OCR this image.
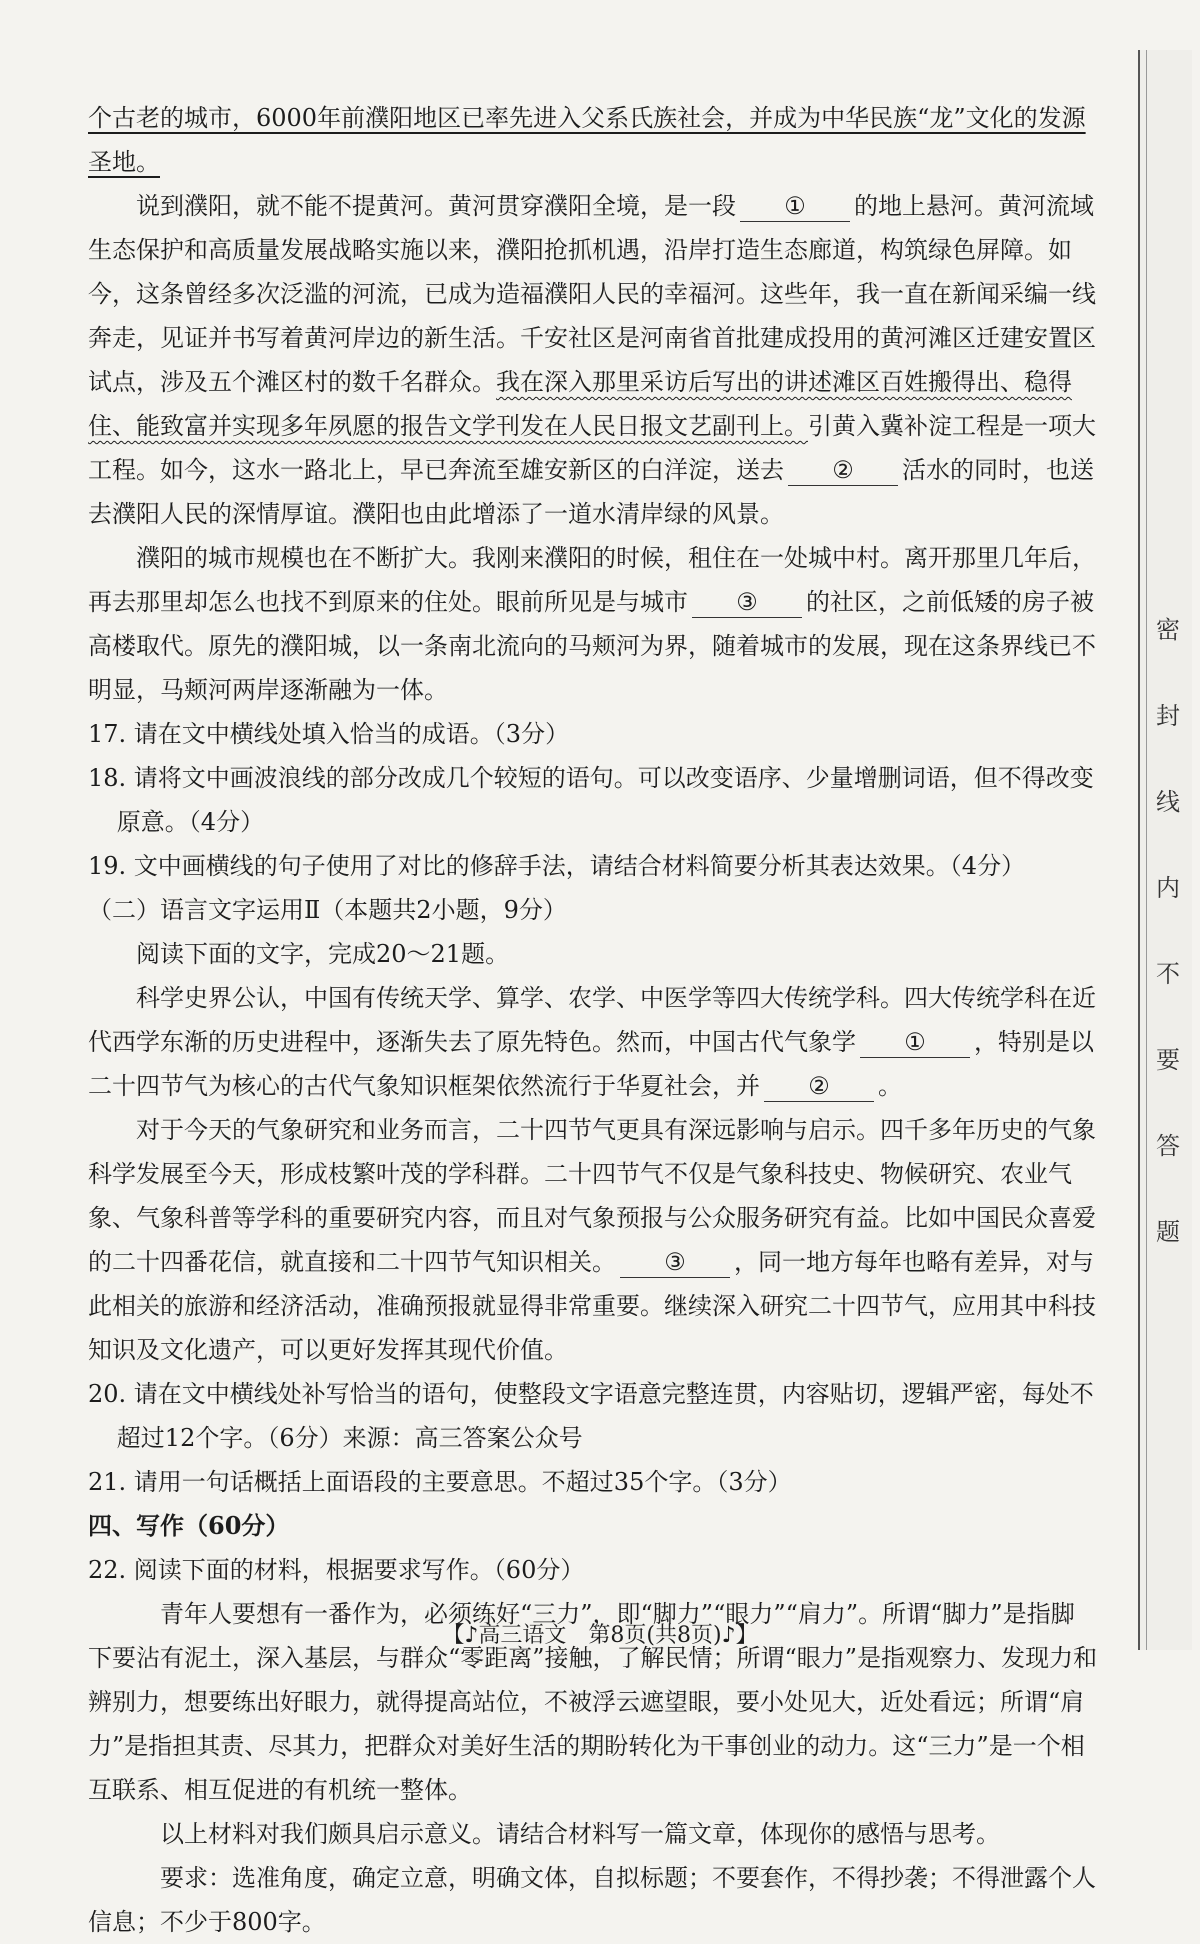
个古老的城市，6000年前濮阳地区已率先进入父系氏族社会，并成为中华民族“龙”文化的发源圣地。

说到濮阳，就不能不提黄河。黄河贯穿濮阳全境，是一段 ① 的地上悬河。黄河流域生态保护和高质量发展战略实施以来，濮阳抢抓机遇，沿岸打造生态廊道，构筑绿色屏障。如今，这条曾经多次泛滥的河流，已成为造福濮阳人民的幸福河。这些年，我一直在新闻采编一线奔走，见证并书写着黄河岸边的新生活。千安社区是河南省首批建成投用的黄河滩区迁建安置区试点，涉及五个滩区村的数千名群众。我在深入那里采访后写出的讲述滩区百姓搬得出、稳得住、能致富并实现多年夙愿的报告文学刊发在人民日报文艺副刊上。引黄入冀补淀工程是一项大工程。如今，这水一路北上，早已奔流至雄安新区的白洋淀，送去 ② 活水的同时，也送去濮阳人民的深情厚谊。濮阳也由此增添了一道水清岸绿的风景。

濮阳的城市规模也在不断扩大。我刚来濮阳的时候，租住在一处城中村。离开那里几年后，再去那里却怎么也找不到原来的住处。眼前所见是与城市 ③ 的社区，之前低矮的房子被高楼取代。原先的濮阳城，以一条南北流向的马颊河为界，随着城市的发展，现在这条界线已不明显，马颊河两岸逐渐融为一体。

17. 请在文中横线处填入恰当的成语。（3分）

18. 请将文中画波浪线的部分改成几个较短的语句。可以改变语序、少量增删词语，但不得改变原意。（4分）

19. 文中画横线的句子使用了对比的修辞手法，请结合材料简要分析其表达效果。（4分）

（二）语言文字运用Ⅱ（本题共2小题，9分）

阅读下面的文字，完成20～21题。

科学史界公认，中国有传统天学、算学、农学、中医学等四大传统学科。四大传统学科在近代西学东渐的历史进程中，逐渐失去了原先特色。然而，中国古代气象学 ① ，特别是以二十四节气为核心的古代气象知识框架依然流行于华夏社会，并 ② 。

对于今天的气象研究和业务而言，二十四节气更具有深远影响与启示。四千多年历史的气象科学发展至今天，形成枝繁叶茂的学科群。二十四节气不仅是气象科技史、物候研究、农业气象、气象科普等学科的重要研究内容，而且对气象预报与公众服务研究有益。比如中国民众喜爱的二十四番花信，就直接和二十四节气知识相关。 ③ ，同一地方每年也略有差异，对与此相关的旅游和经济活动，准确预报就显得非常重要。继续深入研究二十四节气，应用其中科技知识及文化遗产，可以更好发挥其现代价值。

20. 请在文中横线处补写恰当的语句，使整段文字语意完整连贯，内容贴切，逻辑严密，每处不超过12个字。（6分）来源：高三答案公众号

21. 请用一句话概括上面语段的主要意思。不超过35个字。（3分）

四、写作（60分）

22. 阅读下面的材料，根据要求写作。（60分）

青年人要想有一番作为，必须练好“三力”，即“脚力”“眼力”“肩力”。所谓“脚力”是指脚下要沾有泥土，深入基层，与群众“零距离”接触，了解民情；所谓“眼力”是指观察力、发现力和辨别力，想要练出好眼力，就得提高站位，不被浮云遮望眼，要小处见大，近处看远；所谓“肩力”是指担其责、尽其力，把群众对美好生活的期盼转化为干事创业的动力。这“三力”是一个相互联系、相互促进的有机统一整体。

以上材料对我们颇具启示意义。请结合材料写一篇文章，体现你的感悟与思考。

要求：选准角度，确定立意，明确文体，自拟标题；不要套作，不得抄袭；不得泄露个人信息；不少于800字。

密
封
线
内
不
要
答
题
【♪高三语文　第8页(共8页)♪】
